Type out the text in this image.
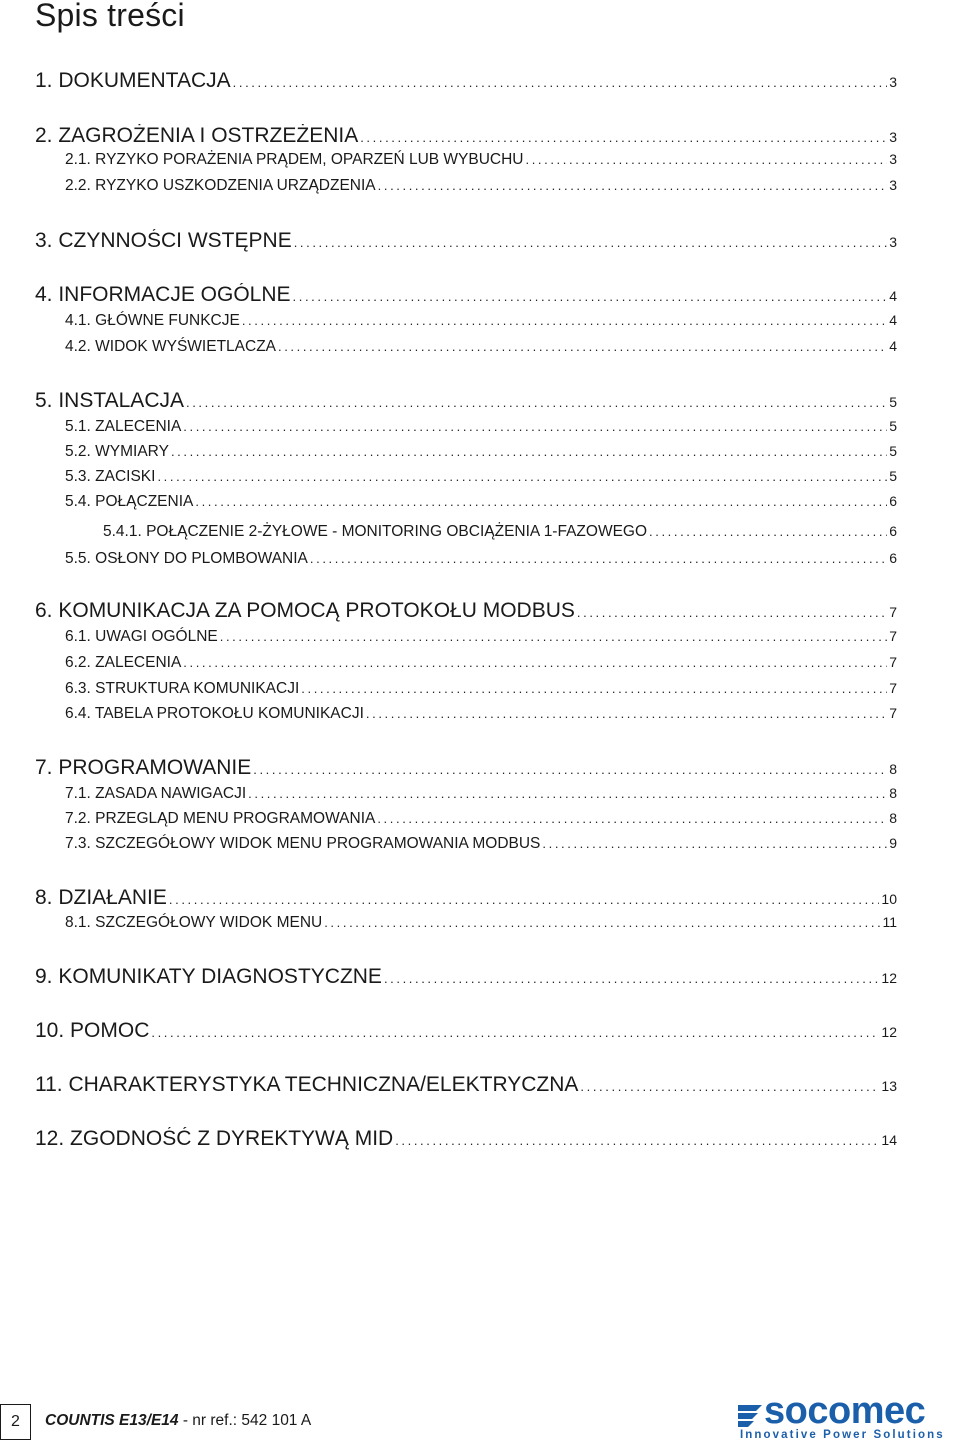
Spis treści
1. DOKUMENTACJA .....	3
2. ZAGROŻENIA I OSTRZEŻENIA .....	3
2.1. RYZYKO PORAŻENIA PRĄDEM, OPARZEŃ LUB WYBUCHU .....	3
2.2. RYZYKO USZKODZENIA URZĄDZENIA .....	3
3. CZYNNOŚCI WSTĘPNE .....	3
4. INFORMACJE OGÓLNE .....	4
4.1. GŁÓWNE FUNKCJE .....	4
4.2. WIDOK WYŚWIETLACZA .....	4
5. INSTALACJA .....	5
5.1. ZALECENIA .....	5
5.2. WYMIARY .....	5
5.3. ZACISKI .....	5
5.4. POŁĄCZENIA .....	6
5.4.1. POŁĄCZENIE 2-ŻYŁOWE - MONITORING OBCIĄŻENIA 1-FAZOWEGO .....	6
5.5. OSŁONY DO PLOMBOWANIA .....	6
6. KOMUNIKACJA ZA POMOCĄ PROTOKOŁU MODBUS .....	7
6.1. UWAGI OGÓLNE .....	7
6.2. ZALECENIA .....	7
6.3. STRUKTURA KOMUNIKACJI .....	7
6.4. TABELA PROTOKOŁU KOMUNIKACJI .....	7
7. PROGRAMOWANIE .....	8
7.1. ZASADA NAWIGACJI .....	8
7.2. PRZEGLĄD MENU PROGRAMOWANIA .....	8
7.3. SZCZEGÓŁOWY WIDOK MENU PROGRAMOWANIA MODBUS .....	9
8. DZIAŁANIE .....	10
8.1. SZCZEGÓŁOWY WIDOK MENU .....	11
9. KOMUNIKATY DIAGNOSTYCZNE .....	12
10. POMOC .....	12
11. CHARAKTERYSTYKA TECHNICZNA/ELEKTRYCZNA .....	13
12. ZGODNOŚĆ Z DYREKTYWĄ MID .....	14
2 COUNTIS E13/E14 - nr ref.: 542 101 A	socomec
Innovative Power Solutions
